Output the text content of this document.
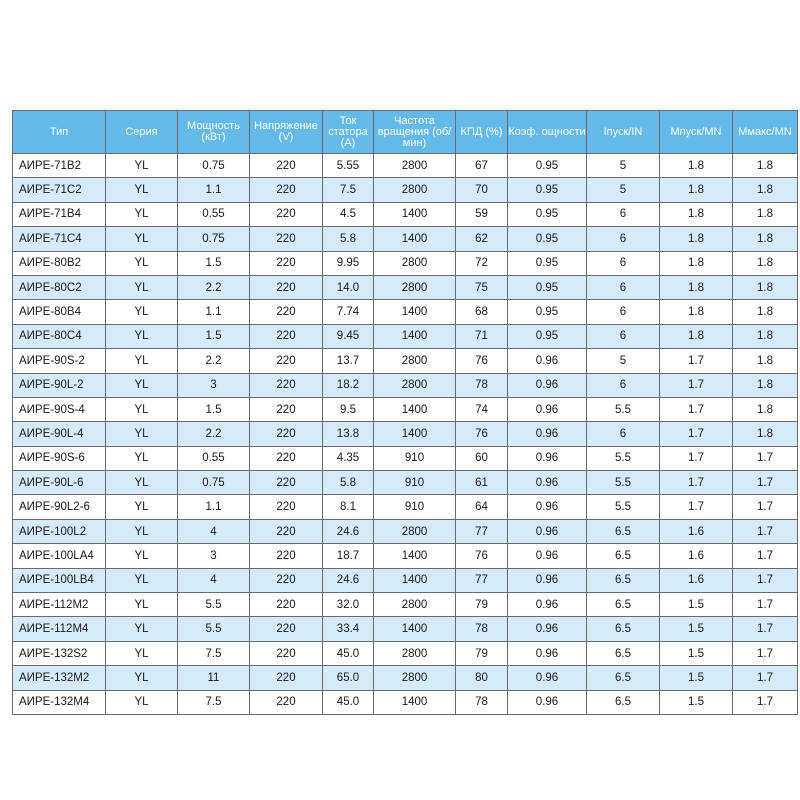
Тип	Серия	Мощность (кВт)	Напряжение (V)	Ток статора (A)	Частота вращения (об/мин)	КПД (%)	Коэф. ощности	Iпуск/IN	Mпуск/MN	Mмакс/MN
АИРЕ-71B2	YL	0.75	220	5.55	2800	67	0.95	5	1.8	1.8
АИРЕ-71C2	YL	1.1	220	7.5	2800	70	0.95	5	1.8	1.8
АИРЕ-71B4	YL	0.55	220	4.5	1400	59	0.95	6	1.8	1.8
АИРЕ-71C4	YL	0.75	220	5.8	1400	62	0.95	6	1.8	1.8
АИРЕ-80B2	YL	1.5	220	9.95	2800	72	0.95	6	1.8	1.8
АИРЕ-80C2	YL	2.2	220	14.0	2800	75	0.95	6	1.8	1.8
АИРЕ-80B4	YL	1.1	220	7.74	1400	68	0.95	6	1.8	1.8
АИРЕ-80C4	YL	1.5	220	9.45	1400	71	0.95	6	1.8	1.8
АИРЕ-90S-2	YL	2.2	220	13.7	2800	76	0.96	5	1.7	1.8
АИРЕ-90L-2	YL	3	220	18.2	2800	78	0.96	6	1.7	1.8
АИРЕ-90S-4	YL	1.5	220	9.5	1400	74	0.96	5.5	1.7	1.8
АИРЕ-90L-4	YL	2.2	220	13.8	1400	76	0.96	6	1.7	1.8
АИРЕ-90S-6	YL	0.55	220	4.35	910	60	0.96	5.5	1.7	1.7
АИРЕ-90L-6	YL	0.75	220	5.8	910	61	0.96	5.5	1.7	1.7
АИРЕ-90L2-6	YL	1.1	220	8.1	910	64	0.96	5.5	1.7	1.7
АИРЕ-100L2	YL	4	220	24.6	2800	77	0.96	6.5	1.6	1.7
АИРЕ-100LA4	YL	3	220	18.7	1400	76	0.96	6.5	1.6	1.7
АИРЕ-100LB4	YL	4	220	24.6	1400	77	0.96	6.5	1.6	1.7
АИРЕ-112M2	YL	5.5	220	32.0	2800	79	0.96	6.5	1.5	1.7
АИРЕ-112M4	YL	5.5	220	33.4	1400	78	0.96	6.5	1.5	1.7
АИРЕ-132S2	YL	7.5	220	45.0	2800	79	0.96	6.5	1.5	1.7
АИРЕ-132M2	YL	11	220	65.0	2800	80	0.96	6.5	1.5	1.7
АИРЕ-132M4	YL	7.5	220	45.0	1400	78	0.96	6.5	1.5	1.7
